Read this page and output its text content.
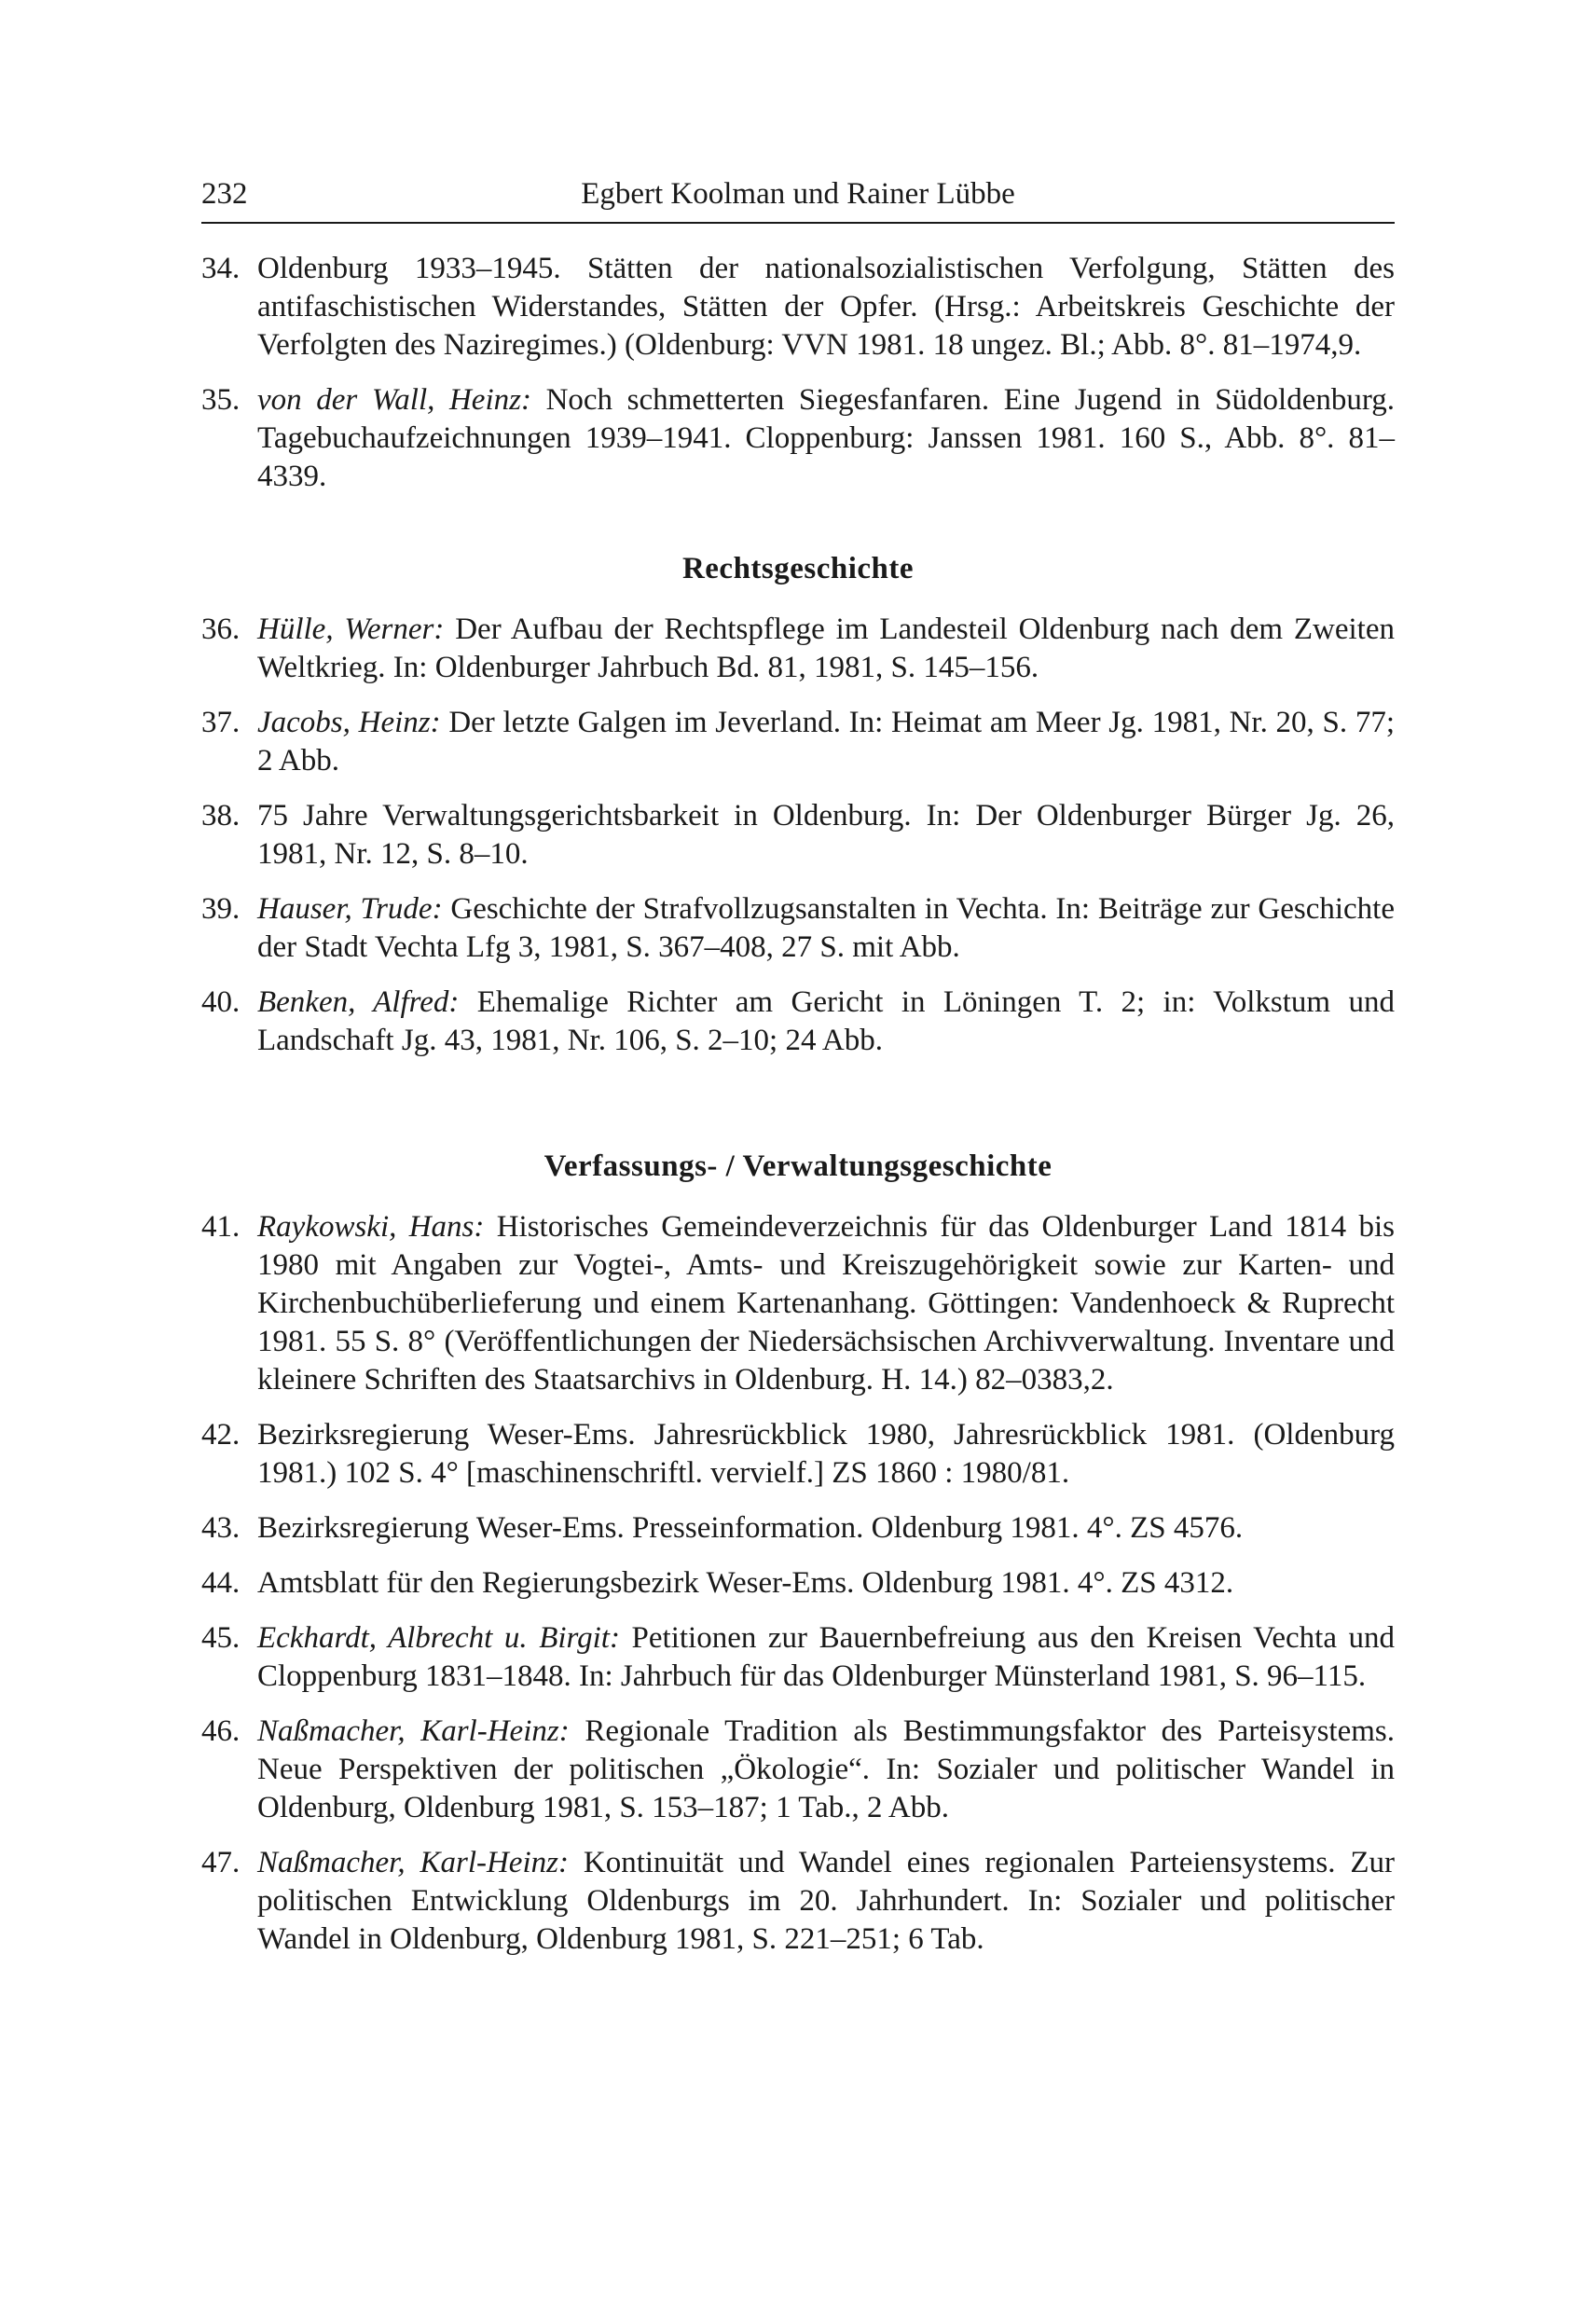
232	Egbert Koolman und Rainer Lübbe

34. Oldenburg 1933–1945. Stätten der nationalsozialistischen Verfolgung, Stätten des antifaschistischen Widerstandes, Stätten der Opfer. (Hrsg.: Arbeitskreis Geschichte der Verfolgten des Naziregimes.) (Oldenburg: VVN 1981. 18 ungez. Bl.; Abb. 8°. 81–1974,9.

35. von der Wall, Heinz: Noch schmetterten Siegesfanfaren. Eine Jugend in Südoldenburg. Tagebuchaufzeichnungen 1939–1941. Cloppenburg: Janssen 1981. 160 S., Abb. 8°. 81–4339.

Rechtsgeschichte

36. Hülle, Werner: Der Aufbau der Rechtspflege im Landesteil Oldenburg nach dem Zweiten Weltkrieg. In: Oldenburger Jahrbuch Bd. 81, 1981, S. 145–156.

37. Jacobs, Heinz: Der letzte Galgen im Jeverland. In: Heimat am Meer Jg. 1981, Nr. 20, S. 77; 2 Abb.

38. 75 Jahre Verwaltungsgerichtsbarkeit in Oldenburg. In: Der Oldenburger Bürger Jg. 26, 1981, Nr. 12, S. 8–10.

39. Hauser, Trude: Geschichte der Strafvollzugsanstalten in Vechta. In: Beiträge zur Geschichte der Stadt Vechta Lfg 3, 1981, S. 367–408, 27 S. mit Abb.

40. Benken, Alfred: Ehemalige Richter am Gericht in Löningen T. 2; in: Volkstum und Landschaft Jg. 43, 1981, Nr. 106, S. 2–10; 24 Abb.

Verfassungs- / Verwaltungsgeschichte

41. Raykowski, Hans: Historisches Gemeindeverzeichnis für das Oldenburger Land 1814 bis 1980 mit Angaben zur Vogtei-, Amts- und Kreiszugehörigkeit sowie zur Karten- und Kirchenbuchüberlieferung und einem Kartenanhang. Göttingen: Vandenhoeck & Ruprecht 1981. 55 S. 8° (Veröffentlichungen der Niedersächsischen Archivverwaltung. Inventare und kleinere Schriften des Staatsarchivs in Oldenburg. H. 14.) 82–0383,2.

42. Bezirksregierung Weser-Ems. Jahresrückblick 1980, Jahresrückblick 1981. (Oldenburg 1981.) 102 S. 4° [maschinenschriftl. vervielf.] ZS 1860 : 1980/81.

43. Bezirksregierung Weser-Ems. Presseinformation. Oldenburg 1981. 4°. ZS 4576.

44. Amtsblatt für den Regierungsbezirk Weser-Ems. Oldenburg 1981. 4°. ZS 4312.

45. Eckhardt, Albrecht u. Birgit: Petitionen zur Bauernbefreiung aus den Kreisen Vechta und Cloppenburg 1831–1848. In: Jahrbuch für das Oldenburger Münsterland 1981, S. 96–115.

46. Naßmacher, Karl-Heinz: Regionale Tradition als Bestimmungsfaktor des Parteisystems. Neue Perspektiven der politischen „Ökologie“. In: Sozialer und politischer Wandel in Oldenburg, Oldenburg 1981, S. 153–187; 1 Tab., 2 Abb.

47. Naßmacher, Karl-Heinz: Kontinuität und Wandel eines regionalen Parteiensystems. Zur politischen Entwicklung Oldenburgs im 20. Jahrhundert. In: Sozialer und politischer Wandel in Oldenburg, Oldenburg 1981, S. 221–251; 6 Tab.
